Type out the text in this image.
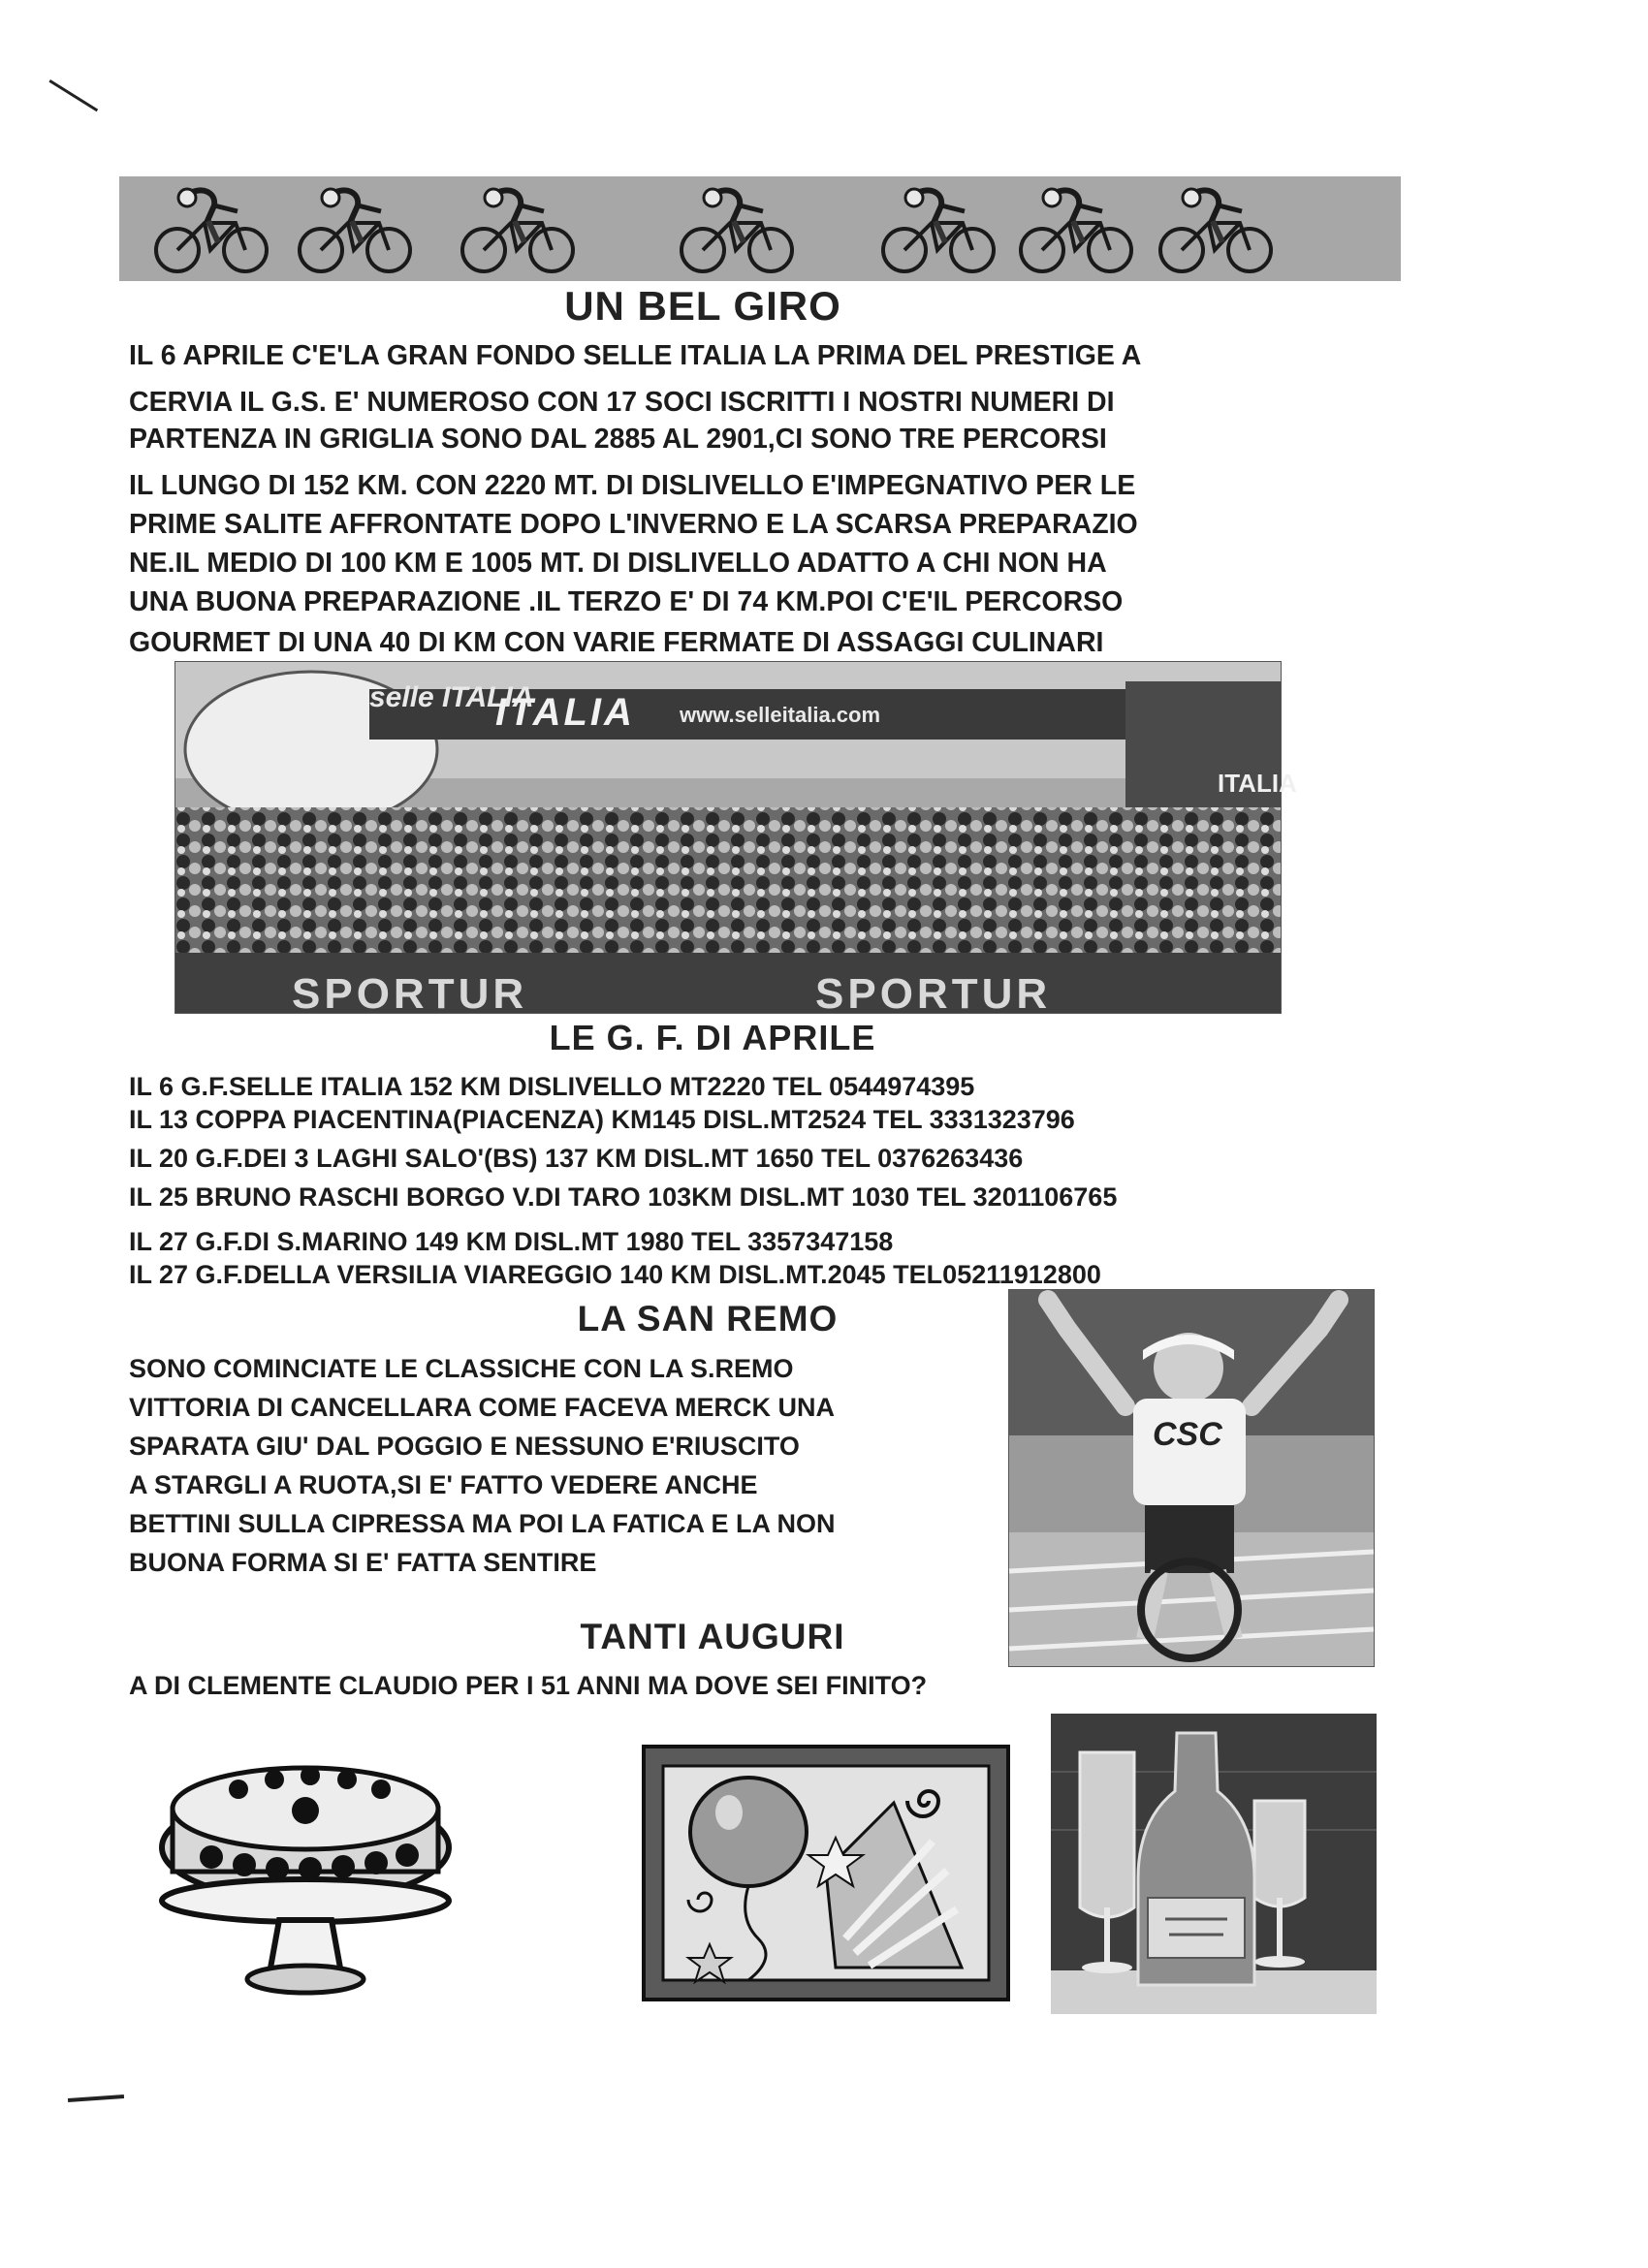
UN BEL GIRO
IL 6 APRILE C'E'LA GRAN FONDO SELLE ITALIA LA PRIMA DEL PRESTIGE A
CERVIA IL G.S. E' NUMEROSO CON 17 SOCI ISCRITTI I NOSTRI NUMERI DI
PARTENZA IN GRIGLIA SONO DAL 2885 AL 2901,CI SONO TRE PERCORSI
IL LUNGO DI 152 KM. CON 2220 MT. DI DISLIVELLO E'IMPEGNATIVO PER LE
PRIME SALITE AFFRONTATE DOPO L'INVERNO E LA SCARSA PREPARAZIO
NE.IL MEDIO DI 100 KM E 1005 MT. DI DISLIVELLO ADATTO A CHI NON HA
UNA BUONA PREPARAZIONE .IL TERZO E' DI 74 KM.POI C'E'IL PERCORSO
GOURMET DI UNA 40 DI KM CON VARIE FERMATE DI ASSAGGI CULINARI
selle ITALIA
ITALIA www.selleitalia.com
ITALIA
SPORTUR	SPORTUR
LE G. F. DI APRILE
IL 6 G.F.SELLE ITALIA 152 KM DISLIVELLO MT2220 TEL 0544974395
IL 13 COPPA PIACENTINA(PIACENZA) KM145 DISL.MT2524 TEL 3331323796
IL 20 G.F.DEI 3 LAGHI SALO'(BS) 137 KM DISL.MT 1650 TEL 0376263436
IL 25 BRUNO RASCHI BORGO V.DI TARO 103KM DISL.MT 1030 TEL 3201106765
IL 27 G.F.DI S.MARINO 149 KM DISL.MT 1980 TEL 3357347158
IL 27 G.F.DELLA VERSILIA VIAREGGIO 140 KM DISL.MT.2045 TEL05211912800
LA SAN REMO
SONO COMINCIATE LE CLASSICHE CON LA S.REMO
VITTORIA DI CANCELLARA COME FACEVA MERCK UNA
SPARATA GIU' DAL POGGIO E NESSUNO E'RIUSCITO
A STARGLI A RUOTA,SI E' FATTO VEDERE ANCHE
BETTINI SULLA CIPRESSA MA POI LA FATICA E LA NON
BUONA FORMA SI E' FATTA SENTIRE
CSC
TANTI AUGURI
A DI CLEMENTE CLAUDIO PER I 51 ANNI MA DOVE SEI FINITO?
